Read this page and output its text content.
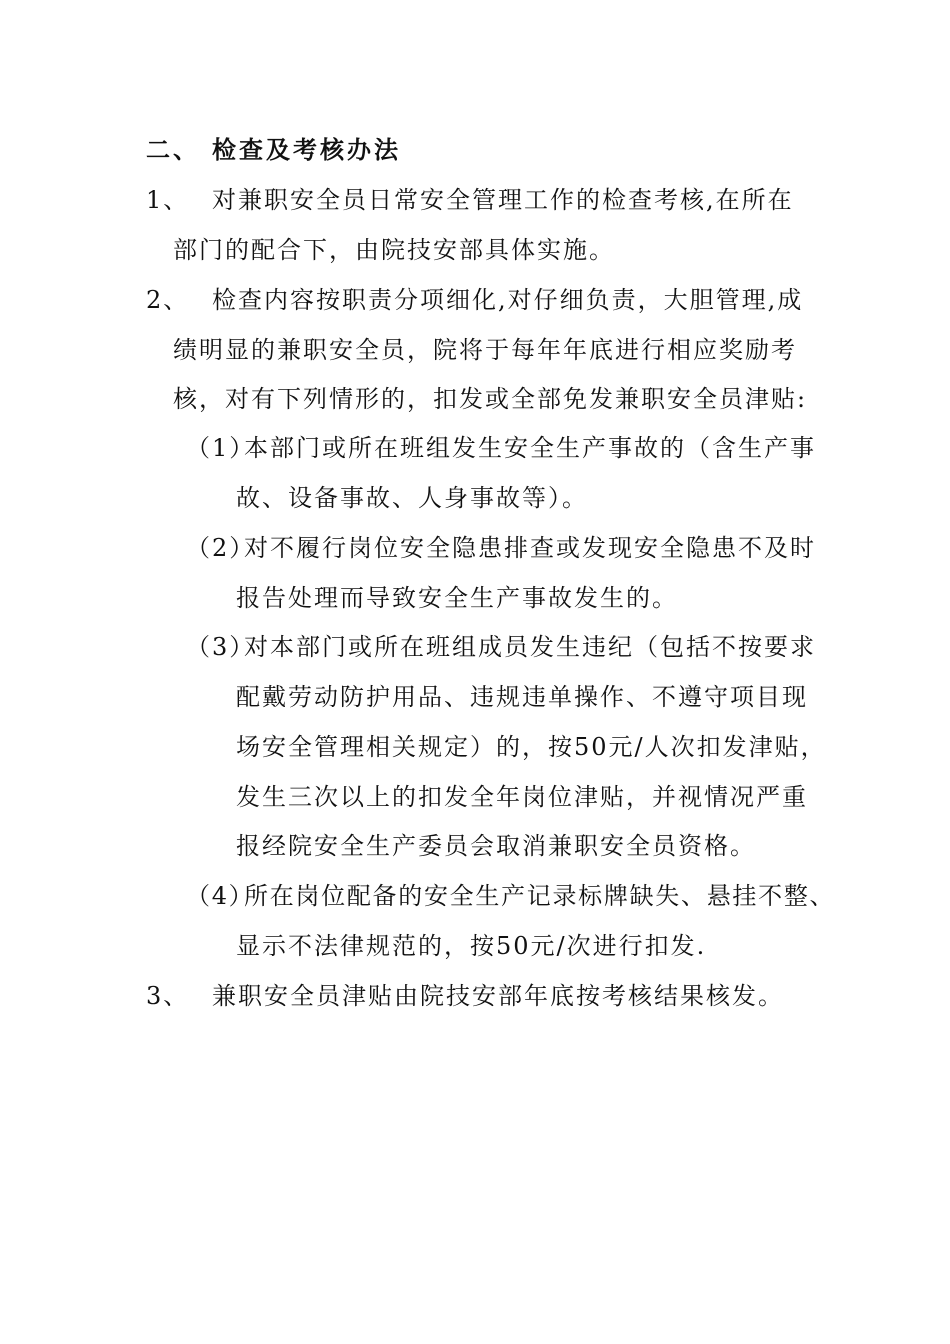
二、 检查及考核办法
1、 对兼职安全员日常安全管理工作的检查考核,在所在
部门的配合下，由院技安部具体实施。
2、 检查内容按职责分项细化,对仔细负责，大胆管理,成
绩明显的兼职安全员，院将于每年年底进行相应奖励考
核，对有下列情形的，扣发或全部免发兼职安全员津贴:
（1）本部门或所在班组发生安全生产事故的（含生产事
故、设备事故、人身事故等）。
（2）对不履行岗位安全隐患排查或发现安全隐患不及时
报告处理而导致安全生产事故发生的。
（3）对本部门或所在班组成员发生违纪（包括不按要求
配戴劳动防护用品、违规违单操作、不遵守项目现
场安全管理相关规定）的，按50元/人次扣发津贴，
发生三次以上的扣发全年岗位津贴，并视情况严重
报经院安全生产委员会取消兼职安全员资格。
（4）所在岗位配备的安全生产记录标牌缺失、悬挂不整、
显示不法律规范的，按50元/次进行扣发.
3、 兼职安全员津贴由院技安部年底按考核结果核发。
